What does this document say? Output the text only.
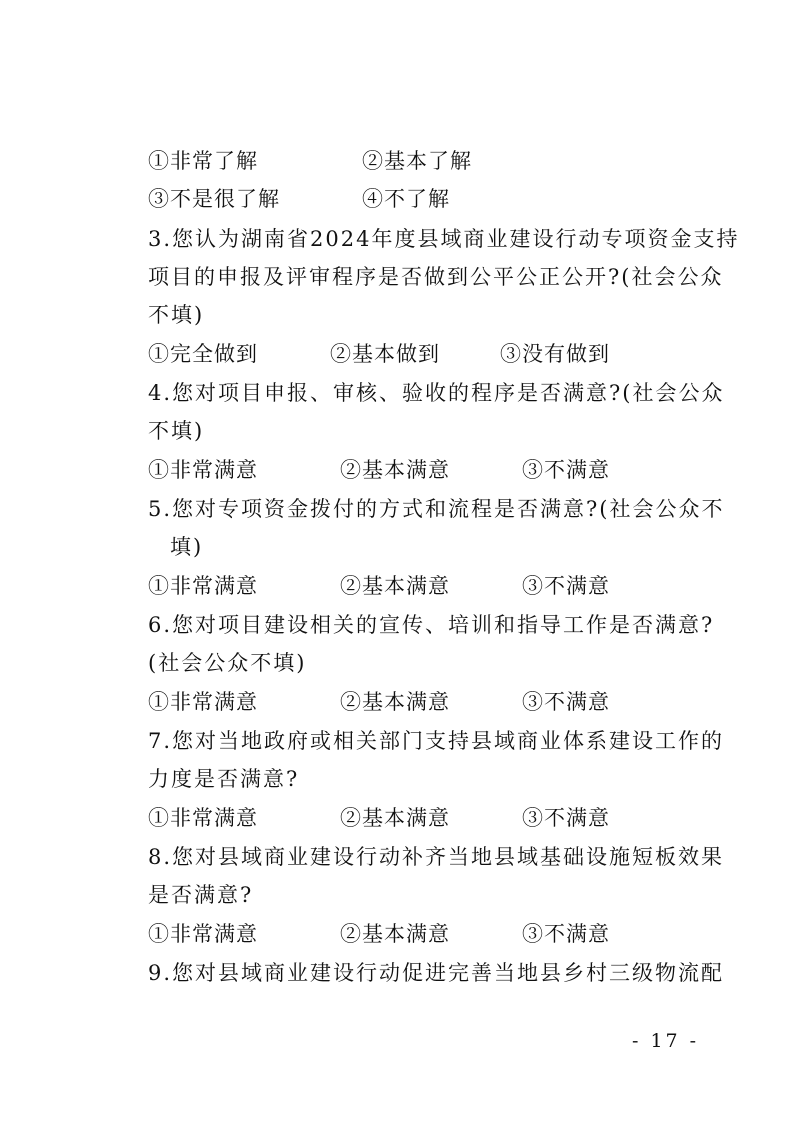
①非常了解	②基本了解
③不是很了解	④不了解
3.您认为湖南省2024年度县域商业建设行动专项资金支持
项目的申报及评审程序是否做到公平公正公开?(社会公众
不填)
①完全做到	②基本做到	③没有做到
4.您对项目申报、审核、验收的程序是否满意?(社会公众
不填)
①非常满意	②基本满意	③不满意
5.您对专项资金拨付的方式和流程是否满意?(社会公众不
填)
①非常满意	②基本满意	③不满意
6.您对项目建设相关的宣传、培训和指导工作是否满意?
(社会公众不填)
①非常满意	②基本满意	③不满意
7.您对当地政府或相关部门支持县域商业体系建设工作的
力度是否满意?
①非常满意	②基本满意	③不满意
8.您对县域商业建设行动补齐当地县域基础设施短板效果
是否满意?
①非常满意	②基本满意	③不满意
9.您对县域商业建设行动促进完善当地县乡村三级物流配
- 17 -
